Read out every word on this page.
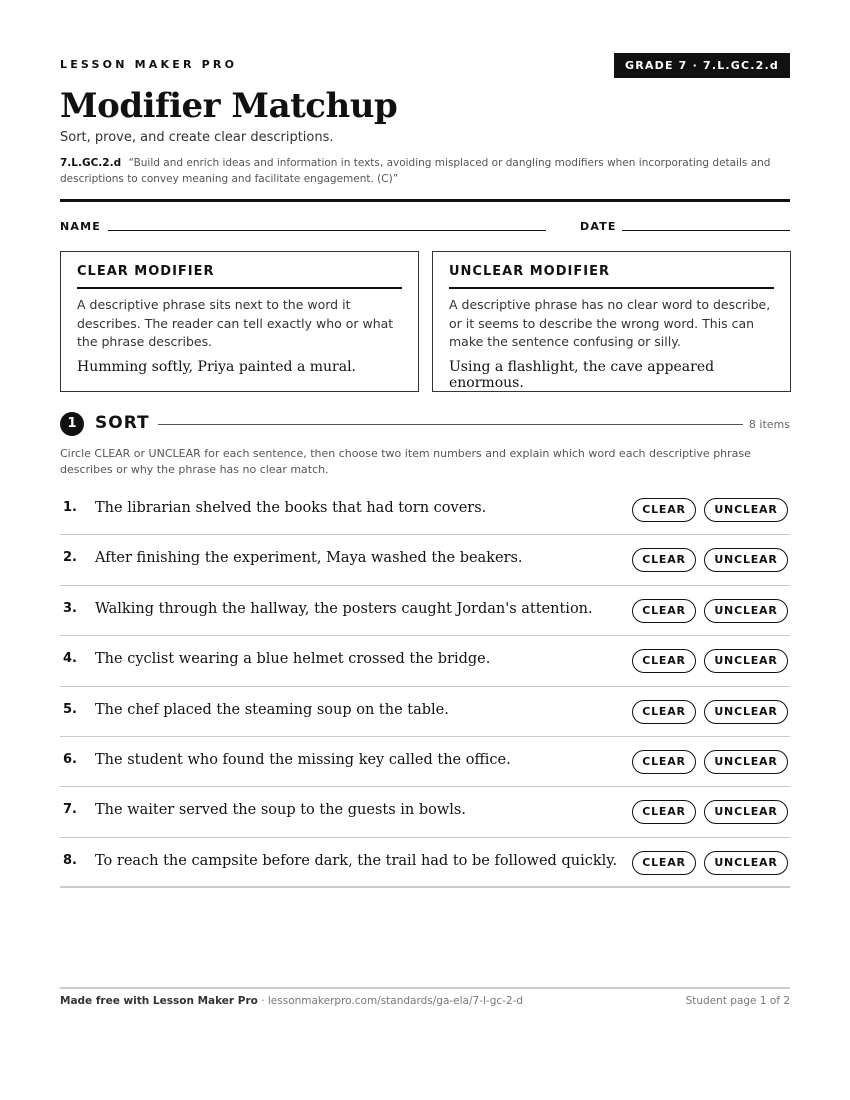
LESSON MAKER PRO	GRADE 7 · 7.L.GC.2.d
Modifier Matchup
Sort, prove, and create clear descriptions.
7.L.GC.2.d “Build and enrich ideas and information in texts, avoiding misplaced or dangling modifiers when incorporating details and descriptions to convey meaning and facilitate engagement. (C)”
NAME	DATE
CLEAR MODIFIER
A descriptive phrase sits next to the word it describes. The reader can tell exactly who or what the phrase describes.
Humming softly, Priya painted a mural.
UNCLEAR MODIFIER
A descriptive phrase has no clear word to describe, or it seems to describe the wrong word. This can make the sentence confusing or silly.
Using a flashlight, the cave appeared enormous.
1	SORT	8 items
Circle CLEAR or UNCLEAR for each sentence, then choose two item numbers and explain which word each descriptive phrase describes or why the phrase has no clear match.
1. The librarian shelved the books that had torn covers.	CLEAR	UNCLEAR
2. After finishing the experiment, Maya washed the beakers.	CLEAR	UNCLEAR
3. Walking through the hallway, the posters caught Jordan's attention.	CLEAR	UNCLEAR
4. The cyclist wearing a blue helmet crossed the bridge.	CLEAR	UNCLEAR
5. The chef placed the steaming soup on the table.	CLEAR	UNCLEAR
6. The student who found the missing key called the office.	CLEAR	UNCLEAR
7. The waiter served the soup to the guests in bowls.	CLEAR	UNCLEAR
8. To reach the campsite before dark, the trail had to be followed quickly.	CLEAR	UNCLEAR
Made free with Lesson Maker Pro · lessonmakerpro.com/standards/ga-ela/7-l-gc-2-d	Student page 1 of 2
